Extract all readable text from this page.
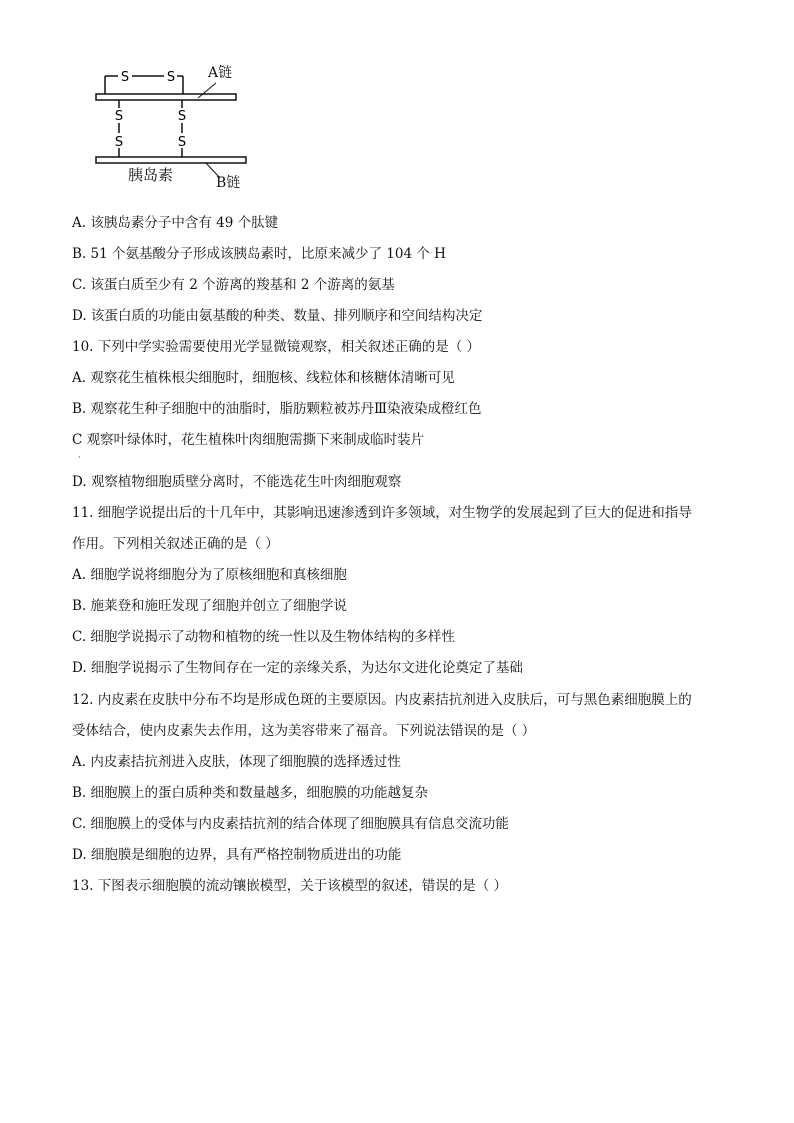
S	S
S
S
S
S
A链
B链
胰岛素
A. 该胰岛素分子中含有 49 个肽键
B. 51 个氨基酸分子形成该胰岛素时，比原来减少了 104 个 H
C. 该蛋白质至少有 2 个游离的羧基和 2 个游离的氨基
D. 该蛋白质的功能由氨基酸的种类、数量、排列顺序和空间结构决定
10. 下列中学实验需要使用光学显微镜观察，相关叙述正确的是（ ）
A. 观察花生植株根尖细胞时，细胞核、线粒体和核糖体清晰可见
B. 观察花生种子细胞中的油脂时，脂肪颗粒被苏丹Ⅲ染液染成橙红色
C 观察叶绿体时，花生植株叶肉细胞需撕下来制成临时装片
·
D. 观察植物细胞质壁分离时，不能选花生叶肉细胞观察
11. 细胞学说提出后的十几年中，其影响迅速渗透到许多领域，对生物学的发展起到了巨大的促进和指导
作用。下列相关叙述正确的是（ ）
A. 细胞学说将细胞分为了原核细胞和真核细胞
B. 施莱登和施旺发现了细胞并创立了细胞学说
C. 细胞学说揭示了动物和植物的统一性以及生物体结构的多样性
D. 细胞学说揭示了生物间存在一定的亲缘关系，为达尔文进化论奠定了基础
12. 内皮素在皮肤中分布不均是形成色斑的主要原因。内皮素拮抗剂进入皮肤后，可与黑色素细胞膜上的
受体结合，使内皮素失去作用，这为美容带来了福音。下列说法错误的是（ ）
A. 内皮素拮抗剂进入皮肤，体现了细胞膜的选择透过性
B. 细胞膜上的蛋白质种类和数量越多，细胞膜的功能越复杂
C. 细胞膜上的受体与内皮素拮抗剂的结合体现了细胞膜具有信息交流功能
D. 细胞膜是细胞的边界，具有严格控制物质进出的功能
13. 下图表示细胞膜的流动镶嵌模型，关于该模型的叙述，错误的是（ ）
